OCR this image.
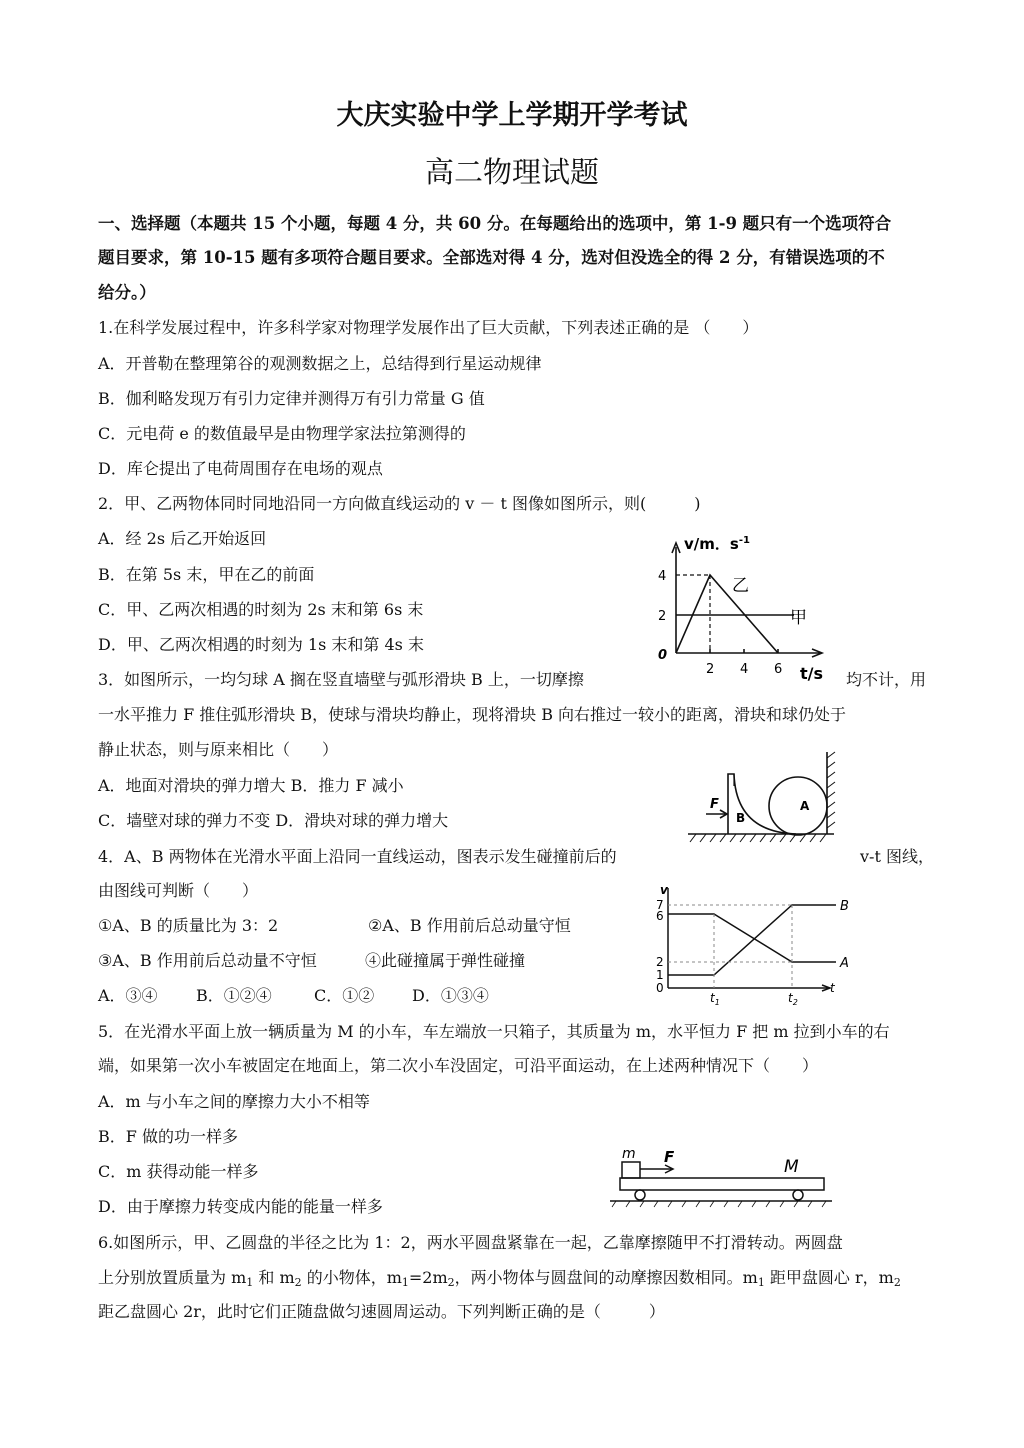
大庆实验中学上学期开学考试
高二物理试题
一、选择题（本题共 15 个小题，每题 4 分，共 60 分。在每题给出的选项中，第 1-9 题只有一个选项符合
题目要求，第 10-15 题有多项符合题目要求。全部选对得 4 分，选对但没选全的得 2 分，有错误选项的不
给分。）
1.在科学发展过程中，许多科学家对物理学发展作出了巨大贡献，下列表述正确的是 （　　）
A．开普勒在整理第谷的观测数据之上，总结得到行星运动规律
B．伽利略发现万有引力定律并测得万有引力常量 G 值
C．元电荷 e 的数值最早是由物理学家法拉第测得的
D．库仑提出了电荷周围存在电场的观点
2．甲、乙两物体同时同地沿同一方向做直线运动的 v － t 图像如图所示，则(　　　)
A．经 2s 后乙开始返回
B．在第 5s 末，甲在乙的前面
C．甲、乙两次相遇的时刻为 2s 末和第 6s 末
D．甲、乙两次相遇的时刻为 1s 末和第 4s 末
v/m．$s^{-1}$
4
2
0
2 4 6 t/s
乙
甲
3．如图所示，一均匀球 A 搁在竖直墙壁与弧形滑块 B 上，一切摩擦	均不计，用
一水平推力 F 推住弧形滑块 B，使球与滑块均静止，现将滑块 B 向右推过一较小的距离，滑块和球仍处于
静止状态，则与原来相比（　　）
A．地面对滑块的弹力增大 B．推力 F 减小
C．墙壁对球的弹力不变 D．滑块对球的弹力增大
F
B
A
4．A、B 两物体在光滑水平面上沿同一直线运动，图表示发生碰撞前后的	v-t 图线，
由图线可判断（　　）
①A、B 的质量比为 3：2	②A、B 作用前后总动量守恒
③A、B 作用前后总动量不守恒	④此碰撞属于弹性碰撞
A．③④ B．①②④	C．①② D．①③④
v
7
6
2
1
0
$t_1$	$t_2$
t
B
A
5．在光滑水平面上放一辆质量为 M 的小车，车左端放一只箱子，其质量为 m，水平恒力 F 把 m 拉到小车的右
端，如果第一次小车被固定在地面上，第二次小车没固定，可沿平面运动，在上述两种情况下（　　）
A．m 与小车之间的摩擦力大小不相等
B．F 做的功一样多
C．m 获得动能一样多
D．由于摩擦力转变成内能的能量一样多
m F	M
6.如图所示，甲、乙圆盘的半径之比为 1：2，两水平圆盘紧靠在一起，乙靠摩擦随甲不打滑转动。两圆盘
上分别放置质量为 $m_1$ 和 $m_2$ 的小物体，$m_1=2m_2$，两小物体与圆盘间的动摩擦因数相同。$m_1$ 距甲盘圆心 r，$m_2$
距乙盘圆心 2r，此时它们正随盘做匀速圆周运动。下列判断正确的是（　　　）
